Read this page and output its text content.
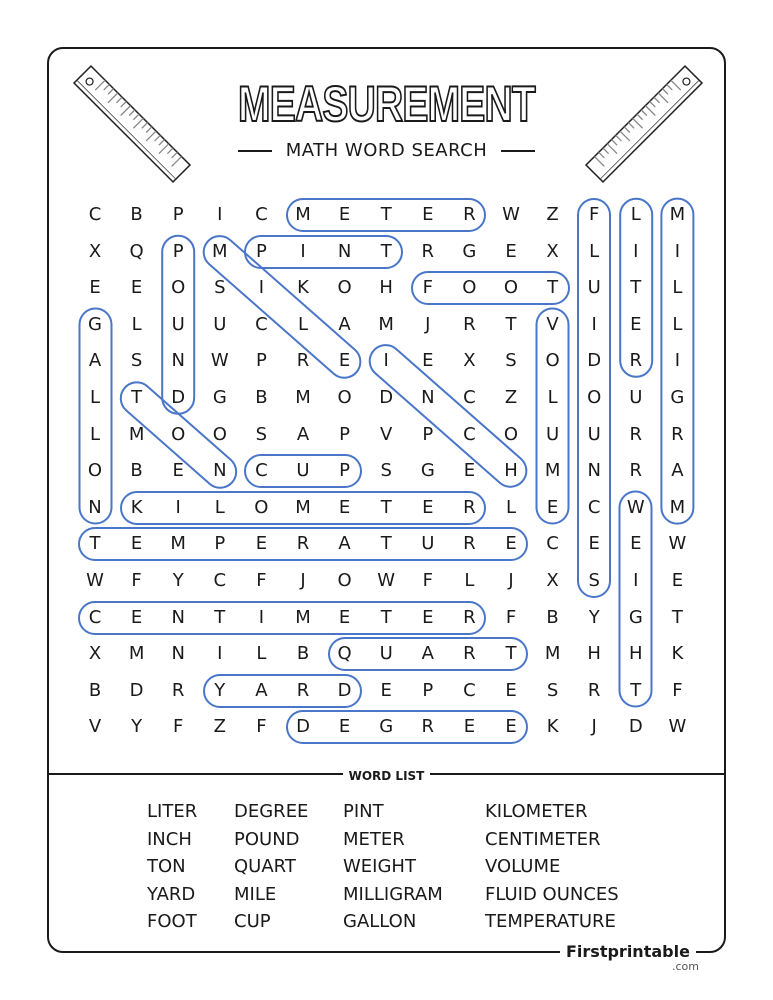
MEASUREMENT
MATH WORD SEARCH
C	B	P	I	C	M	E	T	E	R	W	Z	F	L	M
X	Q	P	M	P	I	N	T	R	G	E	X	L	I	I
E	E	O	S	I	K	O	H	F	O	O	T	U	T	L
G	L	U	U	C	L	A	M	J	R	T	V	I	E	L
A	S	N	W	P	R	E	I	E	X	S	O	D	R	I
L	T	D	G	B	M	O	D	N	C	Z	L	O	U	G
L	M	O	O	S	A	P	V	P	C	O	U	U	R	R
O	B	E	N	C	U	P	S	G	E	H	M	N	R	A
N	K	I	L	O	M	E	T	E	R	L	E	C	W	M
T	E	M	P	E	R	A	T	U	R	E	C	E	E	W
W	F	Y	C	F	J	O	W	F	L	J	X	S	I	E
C	E	N	T	I	M	E	T	E	R	F	B	Y	G	T
X	M	N	I	L	B	Q	U	A	R	T	M	H	H	K
B	D	R	Y	A	R	D	E	P	C	E	S	R	T	F
V	Y	F	Z	F	D	E	G	R	E	E	K	J	D	W
WORD LIST
LITER
INCH
TON
YARD
FOOT
DEGREE
POUND
QUART
MILE
CUP
PINT
METER
WEIGHT
MILLIGRAM
GALLON
KILOMETER
CENTIMETER
VOLUME
FLUID OUNCES
TEMPERATURE
Firstprintable
.com
